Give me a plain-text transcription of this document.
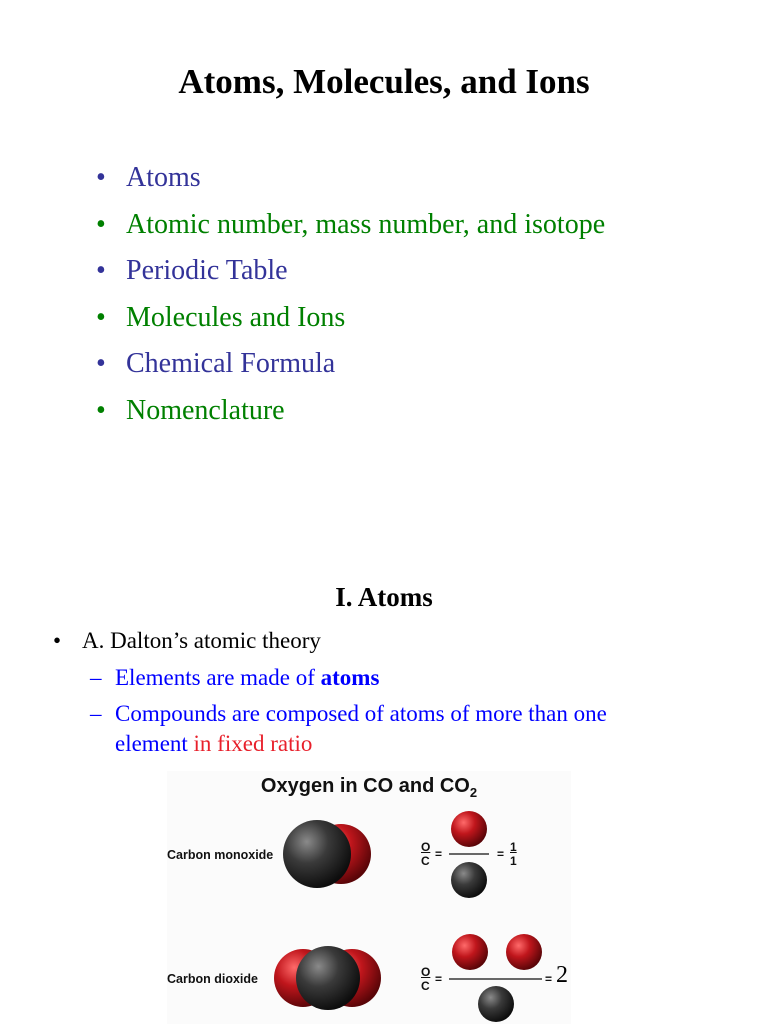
Atoms, Molecules, and Ions
• Atoms
• Atomic number, mass number, and isotope
• Periodic Table
• Molecules and Ions
• Chemical Formula
• Nomenclature
I. Atoms
• A. Dalton’s atomic theory
– Elements are made of atoms
– Compounds are composed of atoms of more than one
element in fixed ratio
Oxygen in CO and $CO_2$
Carbon monoxide
Carbon dioxide
O
C =	= 1
1
O
C =	= 2
